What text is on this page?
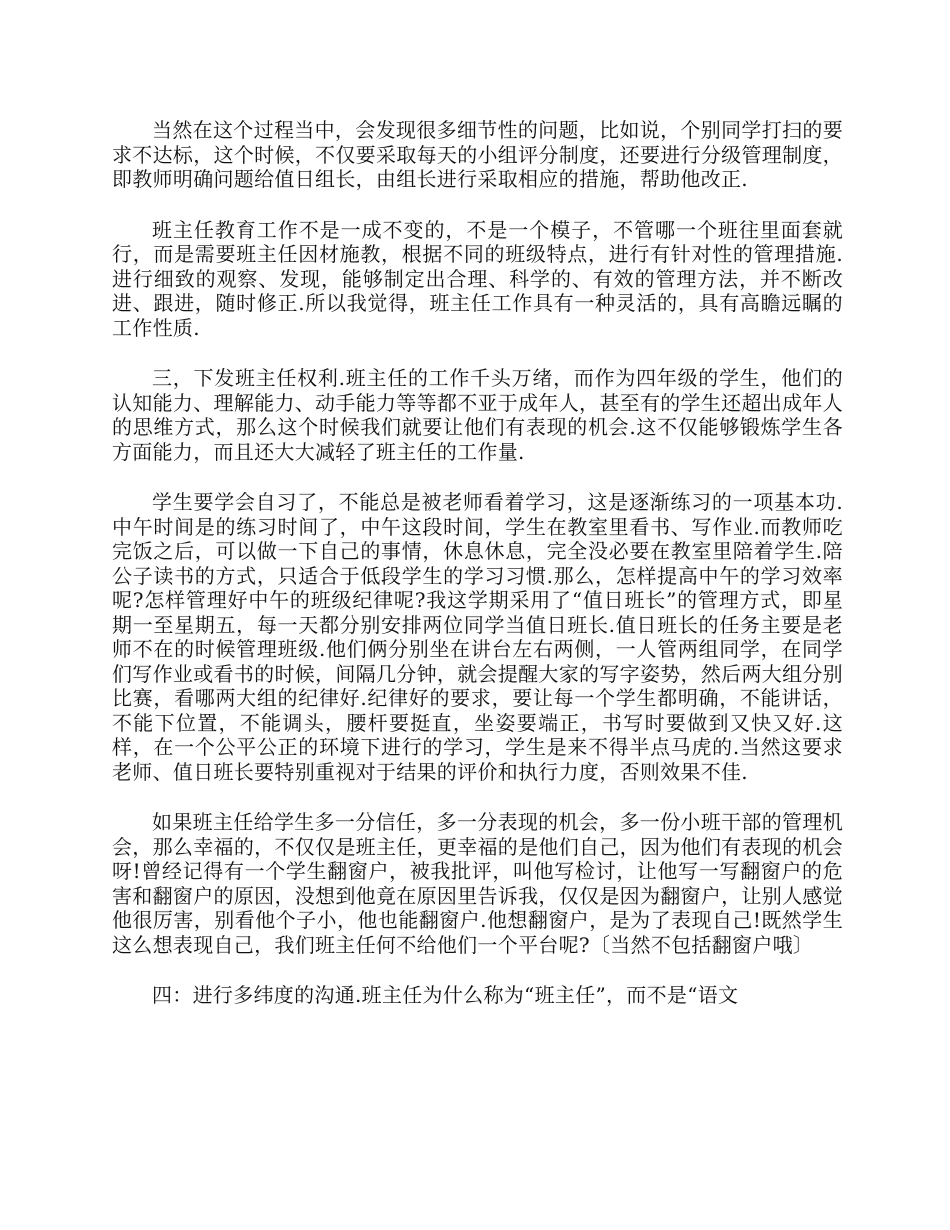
当然在这个过程当中，会发现很多细节性的问题，比如说，个别同学打扫的要求不达标，这个时候，不仅要采取每天的小组评分制度，还要进行分级管理制度，即教师明确问题给值日组长，由组长进行采取相应的措施，帮助他改正.

班主任教育工作不是一成不变的，不是一个模子，不管哪一个班往里面套就行，而是需要班主任因材施教，根据不同的班级特点，进行有针对性的管理措施.进行细致的观察、发现，能够制定出合理、科学的、有效的管理方法，并不断改进、跟进，随时修正.所以我觉得，班主任工作具有一种灵活的，具有高瞻远瞩的工作性质.

三，下发班主任权利.班主任的工作千头万绪，而作为四年级的学生，他们的认知能力、理解能力、动手能力等等都不亚于成年人，甚至有的学生还超出成年人的思维方式，那么这个时候我们就要让他们有表现的机会.这不仅能够锻炼学生各方面能力，而且还大大减轻了班主任的工作量.

学生要学会自习了，不能总是被老师看着学习，这是逐渐练习的一项基本功.中午时间是的练习时间了，中午这段时间，学生在教室里看书、写作业.而教师吃完饭之后，可以做一下自己的事情，休息休息，完全没必要在教室里陪着学生.陪公子读书的方式，只适合于低段学生的学习习惯.那么，怎样提高中午的学习效率呢?怎样管理好中午的班级纪律呢?我这学期采用了“值日班长”的管理方式，即星期一至星期五，每一天都分别安排两位同学当值日班长.值日班长的任务主要是老师不在的时候管理班级.他们俩分别坐在讲台左右两侧，一人管两组同学，在同学们写作业或看书的时候，间隔几分钟，就会提醒大家的写字姿势，然后两大组分别比赛，看哪两大组的纪律好.纪律好的要求，要让每一个学生都明确，不能讲话，不能下位置，不能调头，腰杆要挺直，坐姿要端正，书写时要做到又快又好.这样，在一个公平公正的环境下进行的学习，学生是来不得半点马虎的.当然这要求老师、值日班长要特别重视对于结果的评价和执行力度，否则效果不佳.

如果班主任给学生多一分信任，多一分表现的机会，多一份小班干部的管理机会，那么幸福的，不仅仅是班主任，更幸福的是他们自己，因为他们有表现的机会呀!曾经记得有一个学生翻窗户，被我批评，叫他写检讨，让他写一写翻窗户的危害和翻窗户的原因，没想到他竟在原因里告诉我，仅仅是因为翻窗户，让别人感觉他很厉害，别看他个子小，他也能翻窗户.他想翻窗户，是为了表现自己!既然学生这么想表现自己，我们班主任何不给他们一个平台呢?〔当然不包括翻窗户哦〕

四：进行多纬度的沟通.班主任为什么称为“班主任”，而不是“语文
